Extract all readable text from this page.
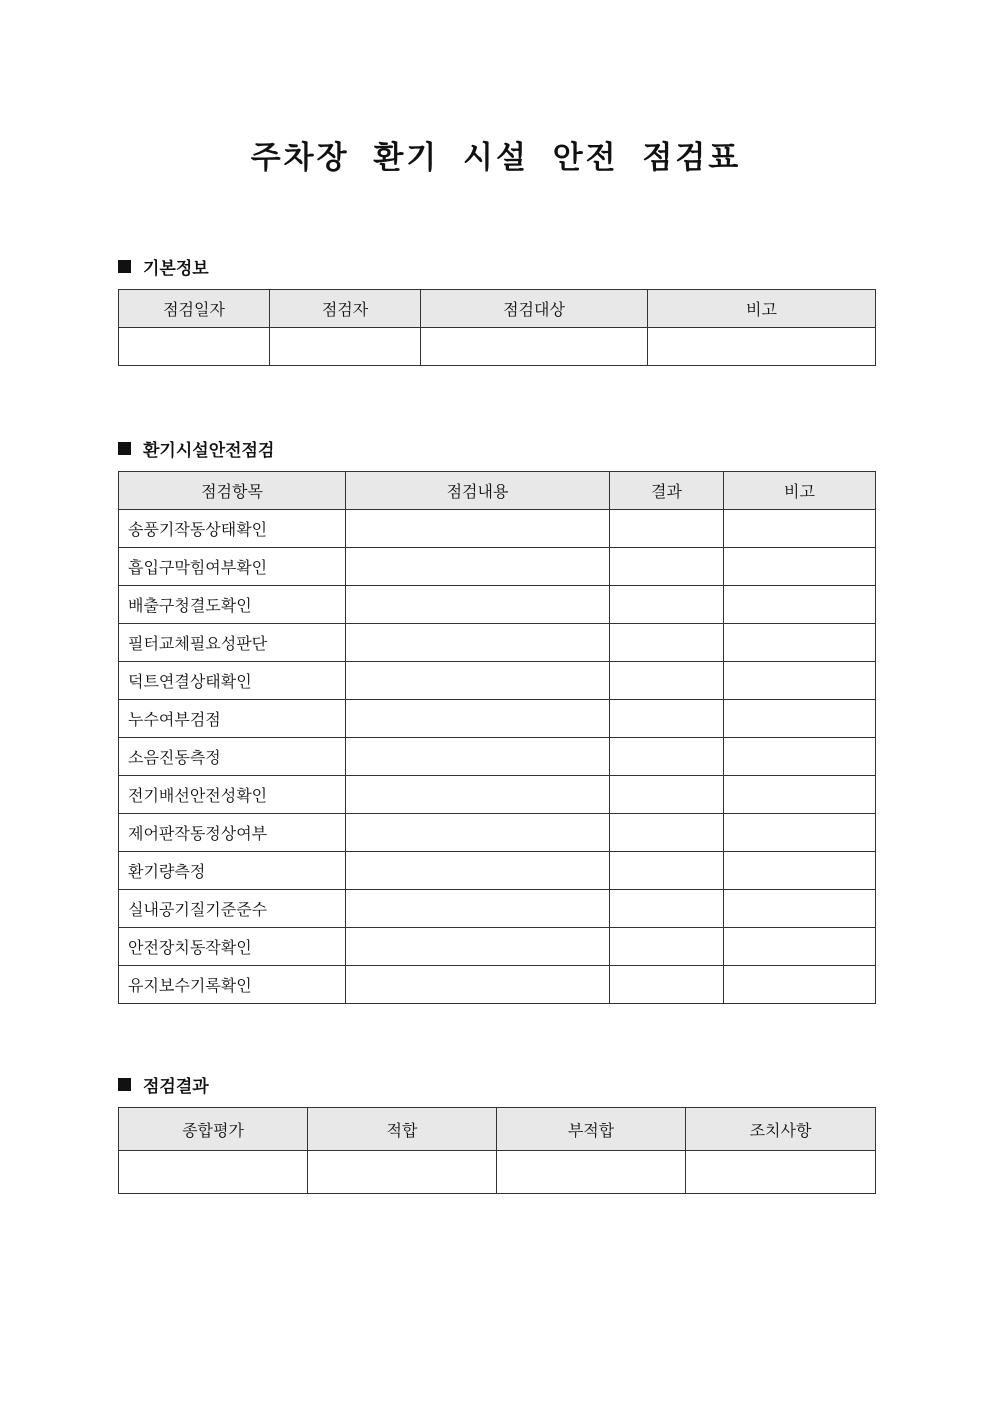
주차장 환기 시설 안전 점검표
기본정보
점검일자	점검자	점검대상	비고

환기시설안전점검
점검항목	점검내용	결과	비고
송풍기작동상태확인			
흡입구막힘여부확인			
배출구청결도확인			
필터교체필요성판단			
덕트연결상태확인			
누수여부검점			
소음진동측정			
전기배선안전성확인			
제어판작동정상여부			
환기량측정			
실내공기질기준준수			
안전장치동작확인			
유지보수기록확인			
점검결과
종합평가	적합	부적합	조치사항
